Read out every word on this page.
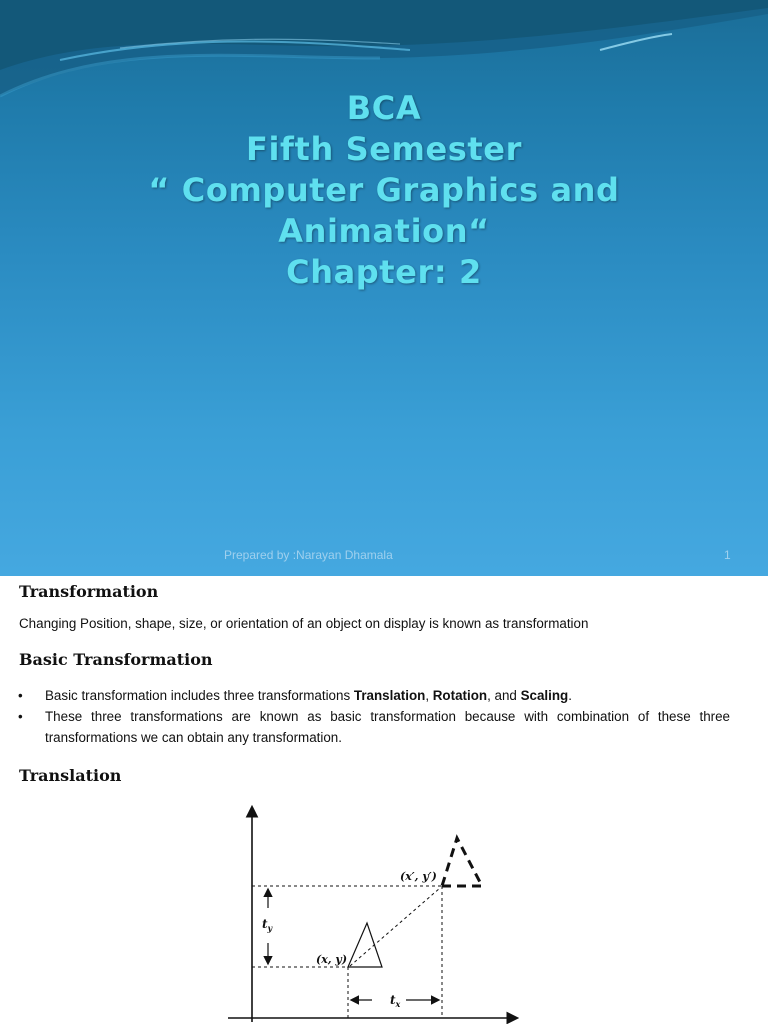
BCA
Fifth Semester
“ Computer Graphics and
Animation“
Chapter: 2
Prepared by :Narayan Dhamala	1
Transformation
Changing Position, shape, size, or orientation of an object on display is known as transformation
Basic Transformation
• Basic transformation includes three transformations Translation, Rotation, and Scaling.
• These three transformations are known as basic transformation because with combination of these three transformations we can obtain any transformation.
Translation
(x′, y′)
(x, y)
$t_y$
$t_x$
